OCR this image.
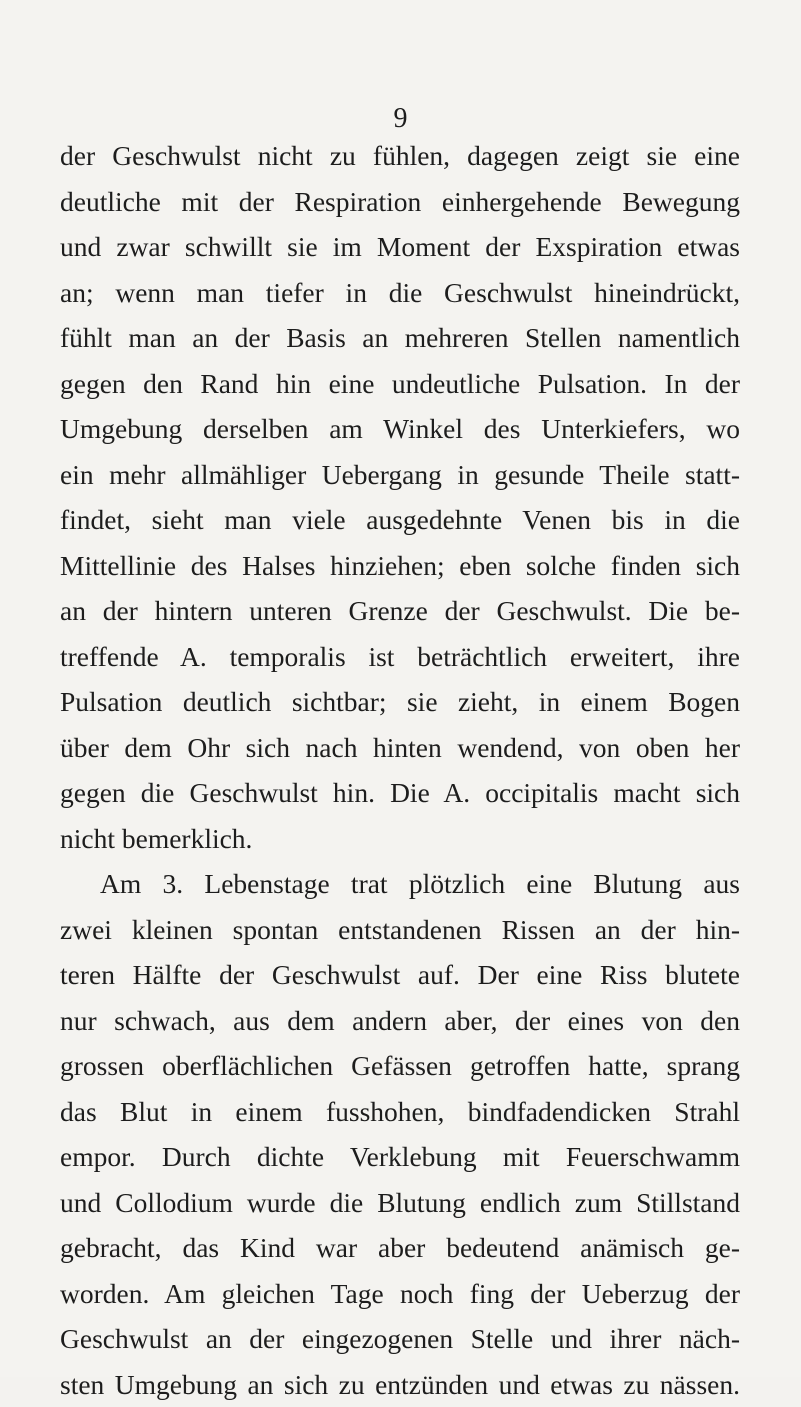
9
der Geschwulst nicht zu fühlen, dagegen zeigt sie eine
deutliche mit der Respiration einhergehende Bewegung
und zwar schwillt sie im Moment der Exspiration etwas
an; wenn man tiefer in die Geschwulst hineindrückt,
fühlt man an der Basis an mehreren Stellen namentlich
gegen den Rand hin eine undeutliche Pulsation. In der
Umgebung derselben am Winkel des Unterkiefers, wo
ein mehr allmähliger Uebergang in gesunde Theile statt-
findet, sieht man viele ausgedehnte Venen bis in die
Mittellinie des Halses hinziehen; eben solche finden sich
an der hintern unteren Grenze der Geschwulst. Die be-
treffende A. temporalis ist beträchtlich erweitert, ihre
Pulsation deutlich sichtbar; sie zieht, in einem Bogen
über dem Ohr sich nach hinten wendend, von oben her
gegen die Geschwulst hin. Die A. occipitalis macht sich
nicht bemerklich.
Am 3. Lebenstage trat plötzlich eine Blutung aus
zwei kleinen spontan entstandenen Rissen an der hin-
teren Hälfte der Geschwulst auf. Der eine Riss blutete
nur schwach, aus dem andern aber, der eines von den
grossen oberflächlichen Gefässen getroffen hatte, sprang
das Blut in einem fusshohen, bindfadendicken Strahl
empor. Durch dichte Verklebung mit Feuerschwamm
und Collodium wurde die Blutung endlich zum Stillstand
gebracht, das Kind war aber bedeutend anämisch ge-
worden. Am gleichen Tage noch fing der Ueberzug der
Geschwulst an der eingezogenen Stelle und ihrer näch-
sten Umgebung an sich zu entzünden und etwas zu nässen.
